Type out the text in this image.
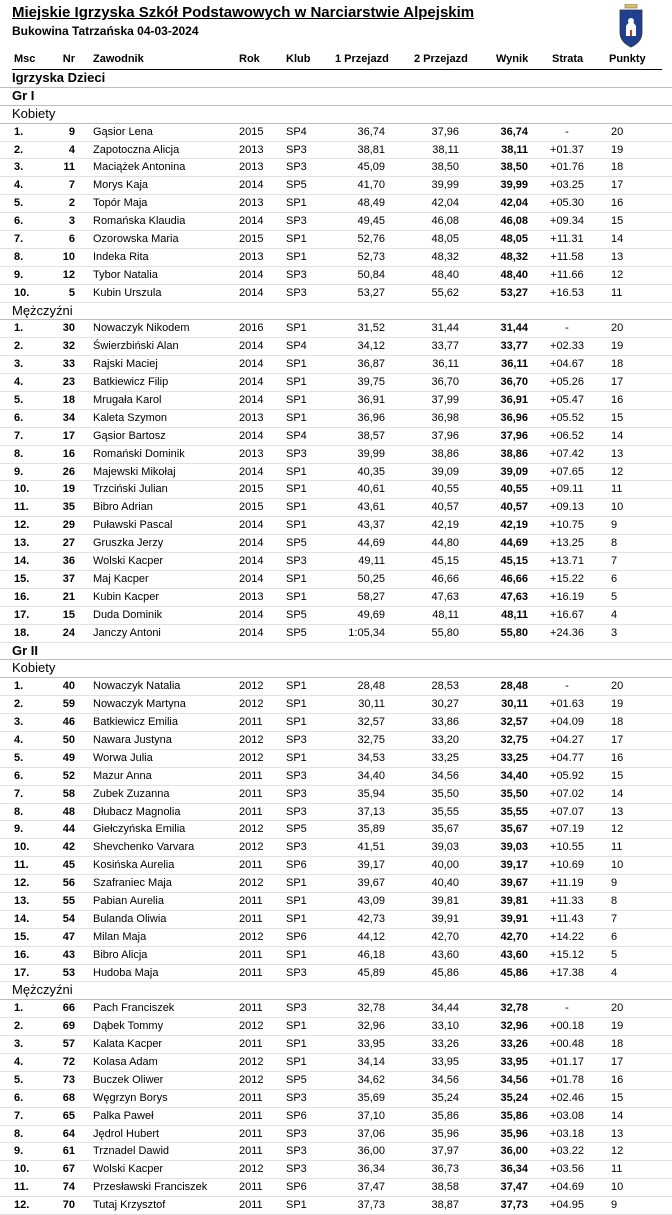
Miejskie Igrzyska Szkół Podstawowych w Narciarstwie Alpejskim
Bukowina Tatrzańska 04-03-2024
Msc	Nr Zawodnik	Rok Klub 1 Przejazd 2 Przejazd	Wynik Strata Punkty
Igrzyska Dzieci
Gr I
Kobiety
1.	9 Gąsior Lena	2015 SP4	36,74	37,96	36,74	-	20
2.	4 Zapotoczna Alicja	2013 SP3	38,81	38,11	38,11 +01.37 19
3.	11 Maciążek Antonina	2013 SP3	45,09	38,50	38,50 +01.76 18
4.	7 Morys Kaja	2014 SP5	41,70	39,99	39,99 +03.25 17
5.	2 Topór Maja	2013 SP1	48,49	42,04	42,04 +05.30 16
6.	3 Romańska Klaudia	2014 SP3	49,45	46,08	46,08 +09.34 15
7.	6 Ozorowska Maria	2015 SP1	52,76	48,05	48,05 +11.31 14
8.	10 Indeka Rita	2013 SP1	52,73	48,32	48,32 +11.58 13
9.	12 Tybor Natalia	2014 SP3	50,84	48,40	48,40 +11.66 12
10.	5 Kubin Urszula	2014 SP3	53,27	55,62	53,27 +16.53 11
Mężczyźni
1.	30 Nowaczyk Nikodem	2016 SP1	31,52	31,44	31,44	-	20
2.	32 Świerzbiński Alan	2014 SP4	34,12	33,77	33,77 +02.33 19
3.	33 Rajski Maciej	2014 SP1	36,87	36,11	36,11 +04.67 18
4.	23 Batkiewicz Filip	2014 SP1	39,75	36,70	36,70 +05.26 17
5.	18 Mrugała Karol	2014 SP1	36,91	37,99	36,91 +05.47 16
6.	34 Kaleta Szymon	2013 SP1	36,96	36,98	36,96 +05.52 15
7.	17 Gąsior Bartosz	2014 SP4	38,57	37,96	37,96 +06.52 14
8.	16 Romański Dominik	2013 SP3	39,99	38,86	38,86 +07.42 13
9.	26 Majewski Mikołaj	2014 SP1	40,35	39,09	39,09 +07.65 12
10.	19 Trzciński Julian	2015 SP1	40,61	40,55	40,55 +09.11 11
11.	35 Bibro Adrian	2015 SP1	43,61	40,57	40,57 +09.13 10
12.	29 Puławski Pascal	2014 SP1	43,37	42,19	42,19 +10.75 9
13.	27 Gruszka Jerzy	2014 SP5	44,69	44,80	44,69 +13.25 8
14.	36 Wolski Kacper	2014 SP3	49,11	45,15	45,15 +13.71 7
15.	37 Maj Kacper	2014 SP1	50,25	46,66	46,66 +15.22 6
16.	21 Kubin Kacper	2013 SP1	58,27	47,63	47,63 +16.19 5
17.	15 Duda Dominik	2014 SP5	49,69	48,11	48,11 +16.67 4
18.	24 Janczy Antoni	2014 SP5	1:05,34	55,80	55,80 +24.36 3
Gr II
Kobiety
1.	40 Nowaczyk Natalia	2012 SP1	28,48	28,53	28,48	-	20
2.	59 Nowaczyk Martyna	2012 SP1	30,11	30,27	30,11 +01.63 19
3.	46 Batkiewicz Emilia	2011 SP1	32,57	33,86	32,57 +04.09 18
4.	50 Nawara Justyna	2012 SP3	32,75	33,20	32,75 +04.27 17
5.	49 Worwa Julia	2012 SP1	34,53	33,25	33,25 +04.77 16
6.	52 Mazur Anna	2011 SP3	34,40	34,56	34,40 +05.92 15
7.	58 Zubek Zuzanna	2011 SP3	35,94	35,50	35,50 +07.02 14
8.	48 Dłubacz Magnolia	2011 SP3	37,13	35,55	35,55 +07.07 13
9.	44 Giełczyńska Emilia	2012 SP5	35,89	35,67	35,67 +07.19 12
10.	42 Shevchenko Varvara	2012 SP3	41,51	39,03	39,03 +10.55 11
11.	45 Kosińska Aurelia	2011 SP6	39,17	40,00	39,17 +10.69 10
12.	56 Szafraniec Maja	2012 SP1	39,67	40,40	39,67 +11.19 9
13.	55 Pabian Aurelia	2011 SP1	43,09	39,81	39,81 +11.33 8
14.	54 Bulanda Oliwia	2011 SP1	42,73	39,91	39,91 +11.43 7
15.	47 Milan Maja	2012 SP6	44,12	42,70	42,70 +14.22 6
16.	43 Bibro Alicja	2011 SP1	46,18	43,60	43,60 +15.12 5
17.	53 Hudoba Maja	2011 SP3	45,89	45,86	45,86 +17.38 4
Mężczyźni
1.	66 Pach Franciszek	2011 SP3	32,78	34,44	32,78	-	20
2.	69 Dąbek Tommy	2012 SP1	32,96	33,10	32,96 +00.18 19
3.	57 Kalata Kacper	2011 SP1	33,95	33,26	33,26 +00.48 18
4.	72 Kolasa Adam	2012 SP1	34,14	33,95	33,95 +01.17 17
5.	73 Buczek Oliwer	2012 SP5	34,62	34,56	34,56 +01.78 16
6.	68 Węgrzyn Borys	2011 SP3	35,69	35,24	35,24 +02.46 15
7.	65 Palka Paweł	2011 SP6	37,10	35,86	35,86 +03.08 14
8.	64 Jędrol Hubert	2011 SP3	37,06	35,96	35,96 +03.18 13
9.	61 Trznadel Dawid	2011 SP3	36,00	37,97	36,00 +03.22 12
10.	67 Wolski Kacper	2012 SP3	36,34	36,73	36,34 +03.56 11
11.	74 Przesławski Franciszek	2011 SP6	37,47	38,58	37,47 +04.69 10
12.	70 Tutaj Krzysztof	2011 SP1	37,73	38,87	37,73 +04.95 9
